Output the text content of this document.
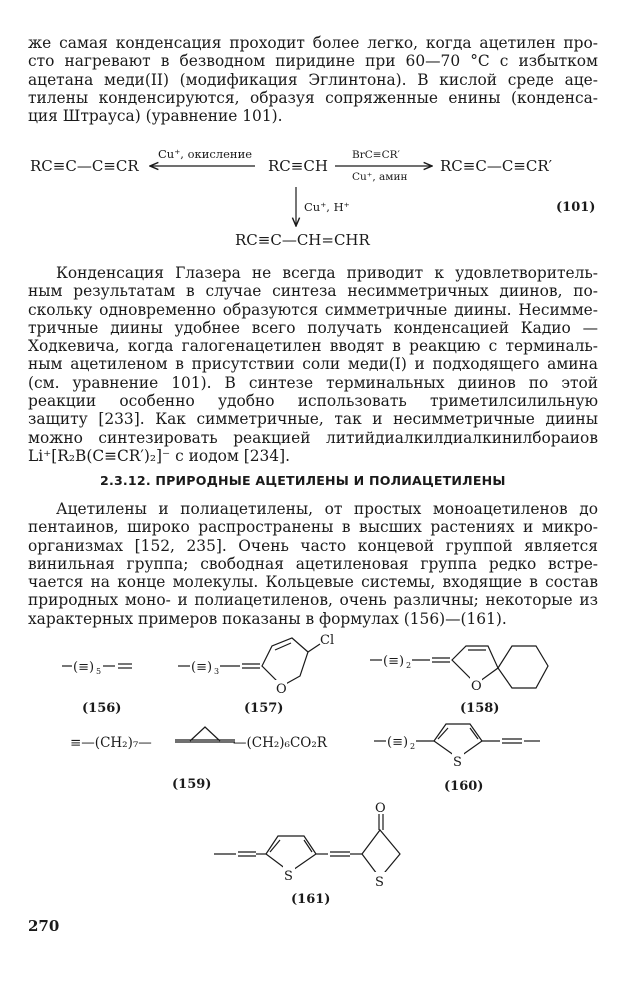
же самая конденсация проходит более легко, когда ацетилен про-
сто нагревают в безводном пиридине при 60—70 °C с избытком
ацетана меди(II) (модификация Эглинтона). В кислой среде аце-
тилены конденсируются, образуя сопряженные енины (конденса-
ция Штрауса) (уравнение 101).
RC≡C—C≡CR
Cu⁺, окисление
RC≡CH
BrC≡CR′
Cu⁺, амин
RC≡C—C≡CR′
Cu⁺, H⁺	(101)
RC≡C—CH=CHR
(≡) 5
(156)
(≡) 3
Cl
O
(157)
(≡) 2
O
(158)
≡—(CH₂)₇—	—(CH₂)₆CO₂R
(159)
(≡) 2
S
(160)
S
O
S
(161)
Конденсация Глазера не всегда приводит к удовлетворитель-
ным результатам в случае синтеза несимметричных диинов, по-
скольку одновременно образуются симметричные диины. Несимме-
тричные диины удобнее всего получать конденсацией Кадио —
Ходкевича, когда галогенацетилен вводят в реакцию с терминаль-
ным ацетиленом в присутствии соли меди(I) и подходящего амина
(см. уравнение 101). В синтезе терминальных диинов по этой
реакции особенно удобно использовать триметилсилильную
защиту [233]. Как симметричные, так и несимметричные диины
можно синтезировать реакцией литийдиалкилдиалкинилбораиов
Li⁺[R₂B(C≡CR′)₂]⁻ с иодом [234].
2.3.12. ПРИРОДНЫЕ АЦЕТИЛЕНЫ И ПОЛИАЦЕТИЛЕНЫ
Ацетилены и полиацетилены, от простых моноацетиленов до
пентаинов, широко распространены в высших растениях и микро-
организмах [152, 235]. Очень часто концевой группой является
винильная группа; свободная ацетиленовая группа редко встре-
чается на конце молекулы. Кольцевые системы, входящие в состав
природных моно- и полиацетиленов, очень различны; некоторые из
характерных примеров показаны в формулах (156)—(161).
270
